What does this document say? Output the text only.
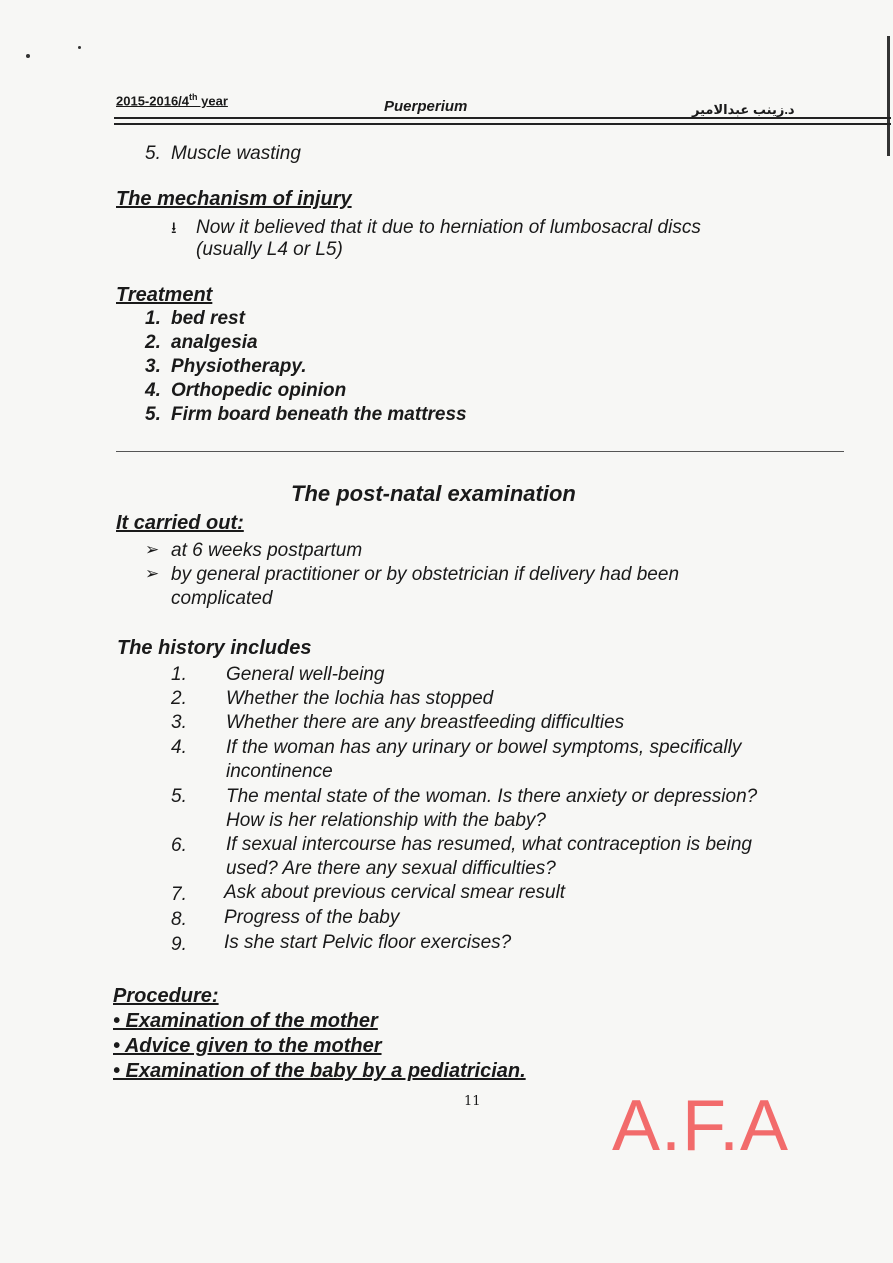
2015-2016/4th year	Puerperium	د.زينب عبدالامير
5. Muscle wasting
The mechanism of injury
⭳ Now it believed that it due to herniation of lumbosacral discs
(usually L4 or L5)
Treatment
1. bed rest
2. analgesia
3. Physiotherapy.
4. Orthopedic opinion
5. Firm board beneath the mattress
The post-natal examination
It carried out:
➢ at 6 weeks postpartum
➢ by general practitioner or by obstetrician if delivery had been
complicated
The history includes
1. General well-being
2. Whether the lochia has stopped
3. Whether there are any breastfeeding difficulties
4. If the woman has any urinary or bowel symptoms, specifically
incontinence
5. The mental state of the woman. Is there anxiety or depression?
How is her relationship with the baby?
6. If sexual intercourse has resumed, what contraception is being
used? Are there any sexual difficulties?
7. Ask about previous cervical smear result
8. Progress of the baby
9. Is she start Pelvic floor exercises?
Procedure:
• Examination of the mother
• Advice given to the mother
• Examination of the baby by a pediatrician.
11 A.F.A
